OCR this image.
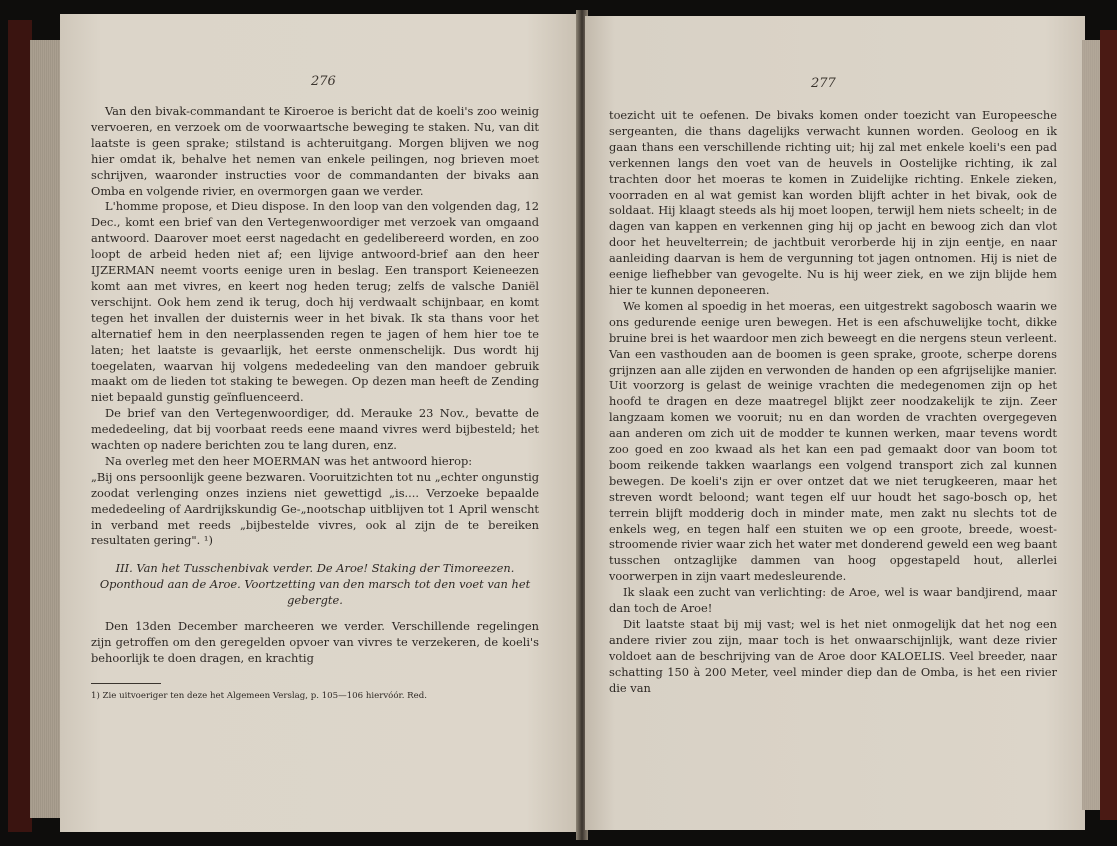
276

Van den bivak-commandant te Kiroeroe is bericht dat de koeli's zoo weinig vervoeren, en verzoek om de voorwaartsche beweging te staken. Nu, van dit laatste is geen sprake; stilstand is achteruitgang. Morgen blijven we nog hier omdat ik, behalve het nemen van enkele peilingen, nog brieven moet schrijven, waaronder instructies voor de commandanten der bivaks aan Omba en volgende rivier, en overmorgen gaan we verder.

L'homme propose, et Dieu dispose. In den loop van den volgenden dag, 12 Dec., komt een brief van den Vertegenwoordiger met verzoek van omgaand antwoord. Daarover moet eerst nagedacht en gedelibereerd worden, en zoo loopt de arbeid heden niet af; een lijvige antwoord-brief aan den heer IJZERMAN neemt voorts eenige uren in beslag. Een transport Keieneezen komt aan met vivres, en keert nog heden terug; zelfs de valsche Daniël verschijnt. Ook hem zend ik terug, doch hij verdwaalt schijnbaar, en komt tegen het invallen der duisternis weer in het bivak. Ik sta thans voor het alternatief hem in den neerplassenden regen te jagen of hem hier toe te laten; het laatste is gevaarlijk, het eerste onmenschelijk. Dus wordt hij toegelaten, waarvan hij volgens mededeeling van den mandoer gebruik maakt om de lieden tot staking te bewegen. Op dezen man heeft de Zending niet bepaald gunstig geïnfluenceerd.

De brief van den Vertegenwoordiger, dd. Merauke 23 Nov., bevatte de mededeeling, dat bij voorbaat reeds eene maand vivres werd bijbesteld; het wachten op nadere berichten zou te lang duren, enz.

Na overleg met den heer MOERMAN was het antwoord hierop:

„Bij ons persoonlijk geene bezwaren. Vooruitzichten tot nu „echter ongunstig zoodat verlenging onzes inziens niet gewettigd „is.... Verzoeke bepaalde mededeeling of Aardrijkskundig Ge-„nootschap uitblijven tot 1 April wenscht in verband met reeds „bijbestelde vivres, ook al zijn de te bereiken resultaten gering". ¹)

III. Van het Tusschenbivak verder. De Aroe! Staking der Timoreezen. Oponthoud aan de Aroe. Voortzetting van den marsch tot den voet van het gebergte.

Den 13den December marcheeren we verder. Verschillende regelingen zijn getroffen om den geregelden opvoer van vivres te verzekeren, de koeli's behoorlijk te doen dragen, en krachtig

1) Zie uitvoeriger ten deze het Algemeen Verslag, p. 105—106 hiervóór. Red.

277

toezicht uit te oefenen. De bivaks komen onder toezicht van Europeesche sergeanten, die thans dagelijks verwacht kunnen worden. Geoloog en ik gaan thans een verschillende richting uit; hij zal met enkele koeli's een pad verkennen langs den voet van de heuvels in Oostelijke richting, ik zal trachten door het moeras te komen in Zuidelijke richting. Enkele zieken, voorraden en al wat gemist kan worden blijft achter in het bivak, ook de soldaat. Hij klaagt steeds als hij moet loopen, terwijl hem niets scheelt; in de dagen van kappen en verkennen ging hij op jacht en bewoog zich dan vlot door het heuvelterrein; de jachtbuit verorberde hij in zijn eentje, en naar aanleiding daarvan is hem de vergunning tot jagen ontnomen. Hij is niet de eenige liefhebber van gevogelte. Nu is hij weer ziek, en we zijn blijde hem hier te kunnen deponeeren.

We komen al spoedig in het moeras, een uitgestrekt sagobosch waarin we ons gedurende eenige uren bewegen. Het is een afschuwelijke tocht, dikke bruine brei is het waardoor men zich beweegt en die nergens steun verleent. Van een vasthouden aan de boomen is geen sprake, groote, scherpe dorens grijnzen aan alle zijden en verwonden de handen op een afgrijselijke manier. Uit voorzorg is gelast de weinige vrachten die medegenomen zijn op het hoofd te dragen en deze maatregel blijkt zeer noodzakelijk te zijn. Zeer langzaam komen we vooruit; nu en dan worden de vrachten overgegeven aan anderen om zich uit de modder te kunnen werken, maar tevens wordt zoo goed en zoo kwaad als het kan een pad gemaakt door van boom tot boom reikende takken waarlangs een volgend transport zich zal kunnen bewegen. De koeli's zijn er over ontzet dat we niet terugkeeren, maar het streven wordt beloond; want tegen elf uur houdt het sago-bosch op, het terrein blijft modderig doch in minder mate, men zakt nu slechts tot de enkels weg, en tegen half een stuiten we op een groote, breede, woest-stroomende rivier waar zich het water met donderend geweld een weg baant tusschen ontzaglijke dammen van hoog opgestapeld hout, allerlei voorwerpen in zijn vaart medesleurende.

Ik slaak een zucht van verlichting: de Aroe, wel is waar bandjirend, maar dan toch de Aroe!

Dit laatste staat bij mij vast; wel is het niet onmogelijk dat het nog een andere rivier zou zijn, maar toch is het onwaarschijnlijk, want deze rivier voldoet aan de beschrijving van de Aroe door KALOELIS. Veel breeder, naar schatting 150 à 200 Meter, veel minder diep dan de Omba, is het een rivier die van
